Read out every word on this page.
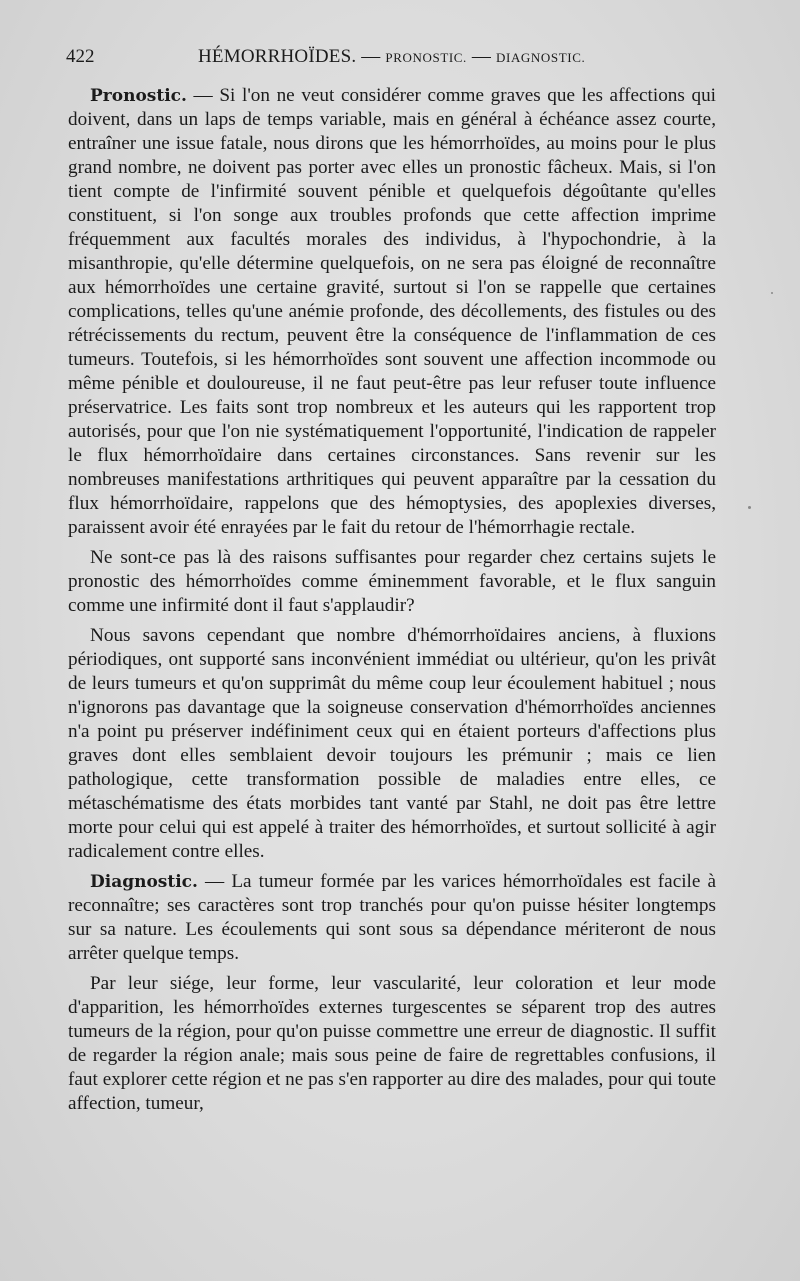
422	HÉMORRHOÏDES. — PRONOSTIC. — DIAGNOSTIC.

Pronostic. — Si l'on ne veut considérer comme graves que les affections qui doivent, dans un laps de temps variable, mais en général à échéance assez courte, entraîner une issue fatale, nous dirons que les hémorrhoïdes, au moins pour le plus grand nombre, ne doivent pas porter avec elles un pronostic fâcheux. Mais, si l'on tient compte de l'infirmité souvent pénible et quelquefois dégoûtante qu'elles constituent, si l'on songe aux troubles profonds que cette affection imprime fréquemment aux facultés morales des individus, à l'hypochondrie, à la misanthropie, qu'elle détermine quelquefois, on ne sera pas éloigné de reconnaître aux hémorrhoïdes une certaine gravité, surtout si l'on se rappelle que certaines complications, telles qu'une anémie profonde, des décollements, des fistules ou des rétrécissements du rectum, peuvent être la conséquence de l'inflammation de ces tumeurs. Toutefois, si les hémorrhoïdes sont souvent une affection incommode ou même pénible et douloureuse, il ne faut peut-être pas leur refuser toute influence préservatrice. Les faits sont trop nombreux et les auteurs qui les rapportent trop autorisés, pour que l'on nie systématiquement l'opportunité, l'indication de rappeler le flux hémorrhoïdaire dans certaines circonstances. Sans revenir sur les nombreuses manifestations arthritiques qui peuvent apparaître par la cessation du flux hémorrhoïdaire, rappelons que des hémoptysies, des apoplexies diverses, paraissent avoir été enrayées par le fait du retour de l'hémorrhagie rectale.

Ne sont-ce pas là des raisons suffisantes pour regarder chez certains sujets le pronostic des hémorrhoïdes comme éminemment favorable, et le flux sanguin comme une infirmité dont il faut s'applaudir?

Nous savons cependant que nombre d'hémorrhoïdaires anciens, à fluxions périodiques, ont supporté sans inconvénient immédiat ou ultérieur, qu'on les privât de leurs tumeurs et qu'on supprimât du même coup leur écoulement habituel ; nous n'ignorons pas davantage que la soigneuse conservation d'hémorrhoïdes anciennes n'a point pu préserver indéfiniment ceux qui en étaient porteurs d'affections plus graves dont elles semblaient devoir toujours les prémunir ; mais ce lien pathologique, cette transformation possible de maladies entre elles, ce métaschématisme des états morbides tant vanté par Stahl, ne doit pas être lettre morte pour celui qui est appelé à traiter des hémorrhoïdes, et surtout sollicité à agir radicalement contre elles.

Diagnostic. — La tumeur formée par les varices hémorrhoïdales est facile à reconnaître; ses caractères sont trop tranchés pour qu'on puisse hésiter longtemps sur sa nature. Les écoulements qui sont sous sa dépendance mériteront de nous arrêter quelque temps.

Par leur siége, leur forme, leur vascularité, leur coloration et leur mode d'apparition, les hémorrhoïdes externes turgescentes se séparent trop des autres tumeurs de la région, pour qu'on puisse commettre une erreur de diagnostic. Il suffit de regarder la région anale; mais sous peine de faire de regrettables confusions, il faut explorer cette région et ne pas s'en rapporter au dire des malades, pour qui toute affection, tumeur,
